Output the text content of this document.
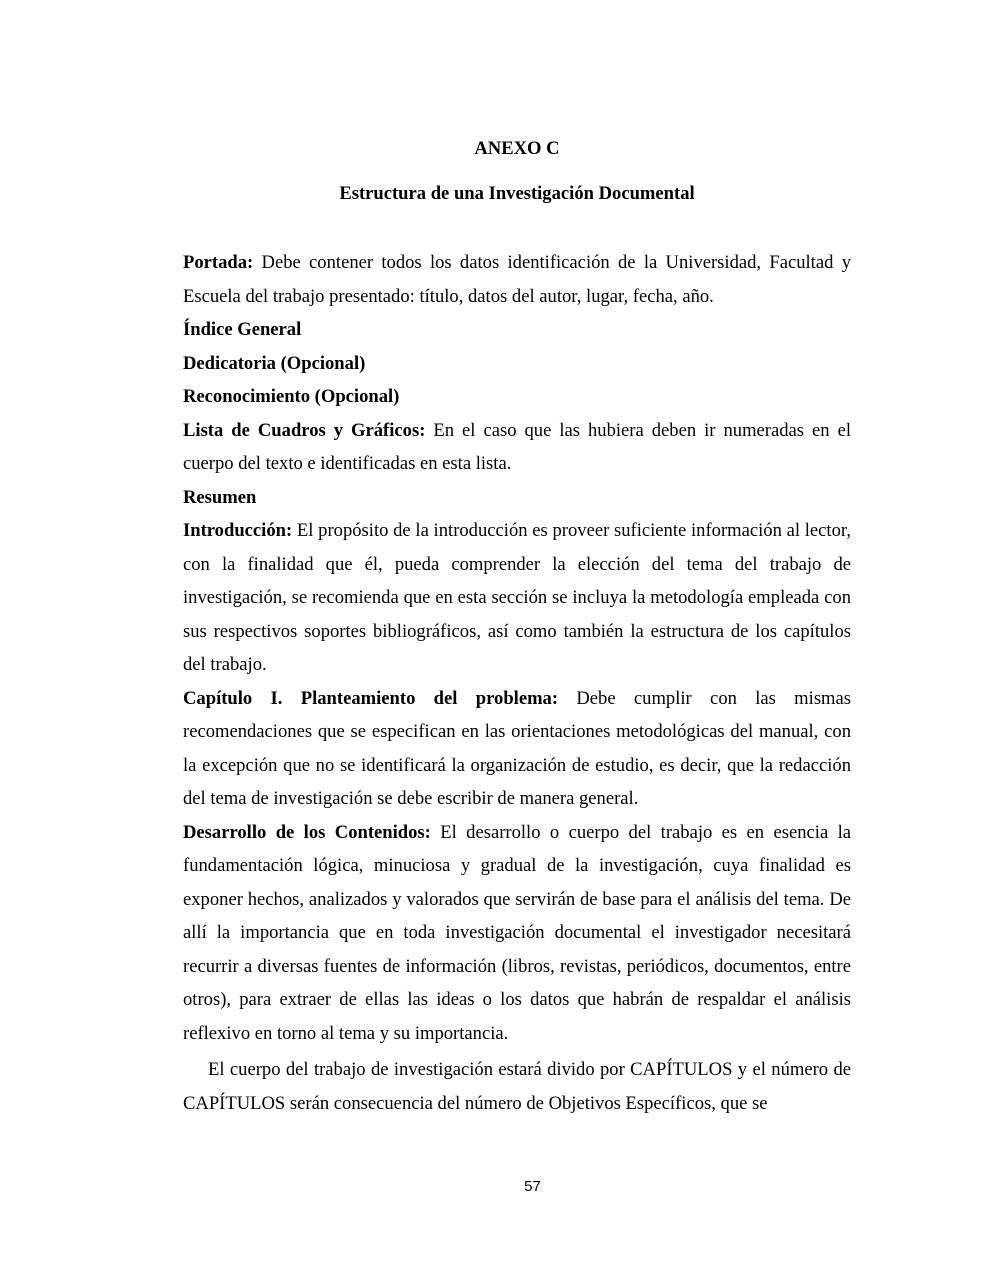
ANEXO C

Estructura de una Investigación Documental

Portada: Debe contener todos los datos identificación de la Universidad, Facultad y Escuela del trabajo presentado: título, datos del autor, lugar, fecha, año.

Índice General

Dedicatoria (Opcional)

Reconocimiento (Opcional)

Lista de Cuadros y Gráficos: En el caso que las hubiera deben ir numeradas en el cuerpo del texto e identificadas en esta lista.

Resumen

Introducción: El propósito de la introducción es proveer suficiente información al lector, con la finalidad que él, pueda comprender la elección del tema del trabajo de investigación, se recomienda que en esta sección se incluya la metodología empleada con sus respectivos soportes bibliográficos, así como también la estructura de los capítulos del trabajo.

Capítulo I. Planteamiento del problema: Debe cumplir con las mismas recomendaciones que se especifican en las orientaciones metodológicas del manual, con la excepción que no se identificará la organización de estudio, es decir, que la redacción del tema de investigación se debe escribir de manera general.

Desarrollo de los Contenidos: El desarrollo o cuerpo del trabajo es en esencia la fundamentación lógica, minuciosa y gradual de la investigación, cuya finalidad es exponer hechos, analizados y valorados que servirán de base para el análisis del tema. De allí la importancia que en toda investigación documental el investigador necesitará recurrir a diversas fuentes de información (libros, revistas, periódicos, documentos, entre otros), para extraer de ellas las ideas o los datos que habrán de respaldar el análisis reflexivo en torno al tema y su importancia.

El cuerpo del trabajo de investigación estará divido por CAPÍTULOS y el número de CAPÍTULOS serán consecuencia del número de Objetivos Específicos, que se

57
